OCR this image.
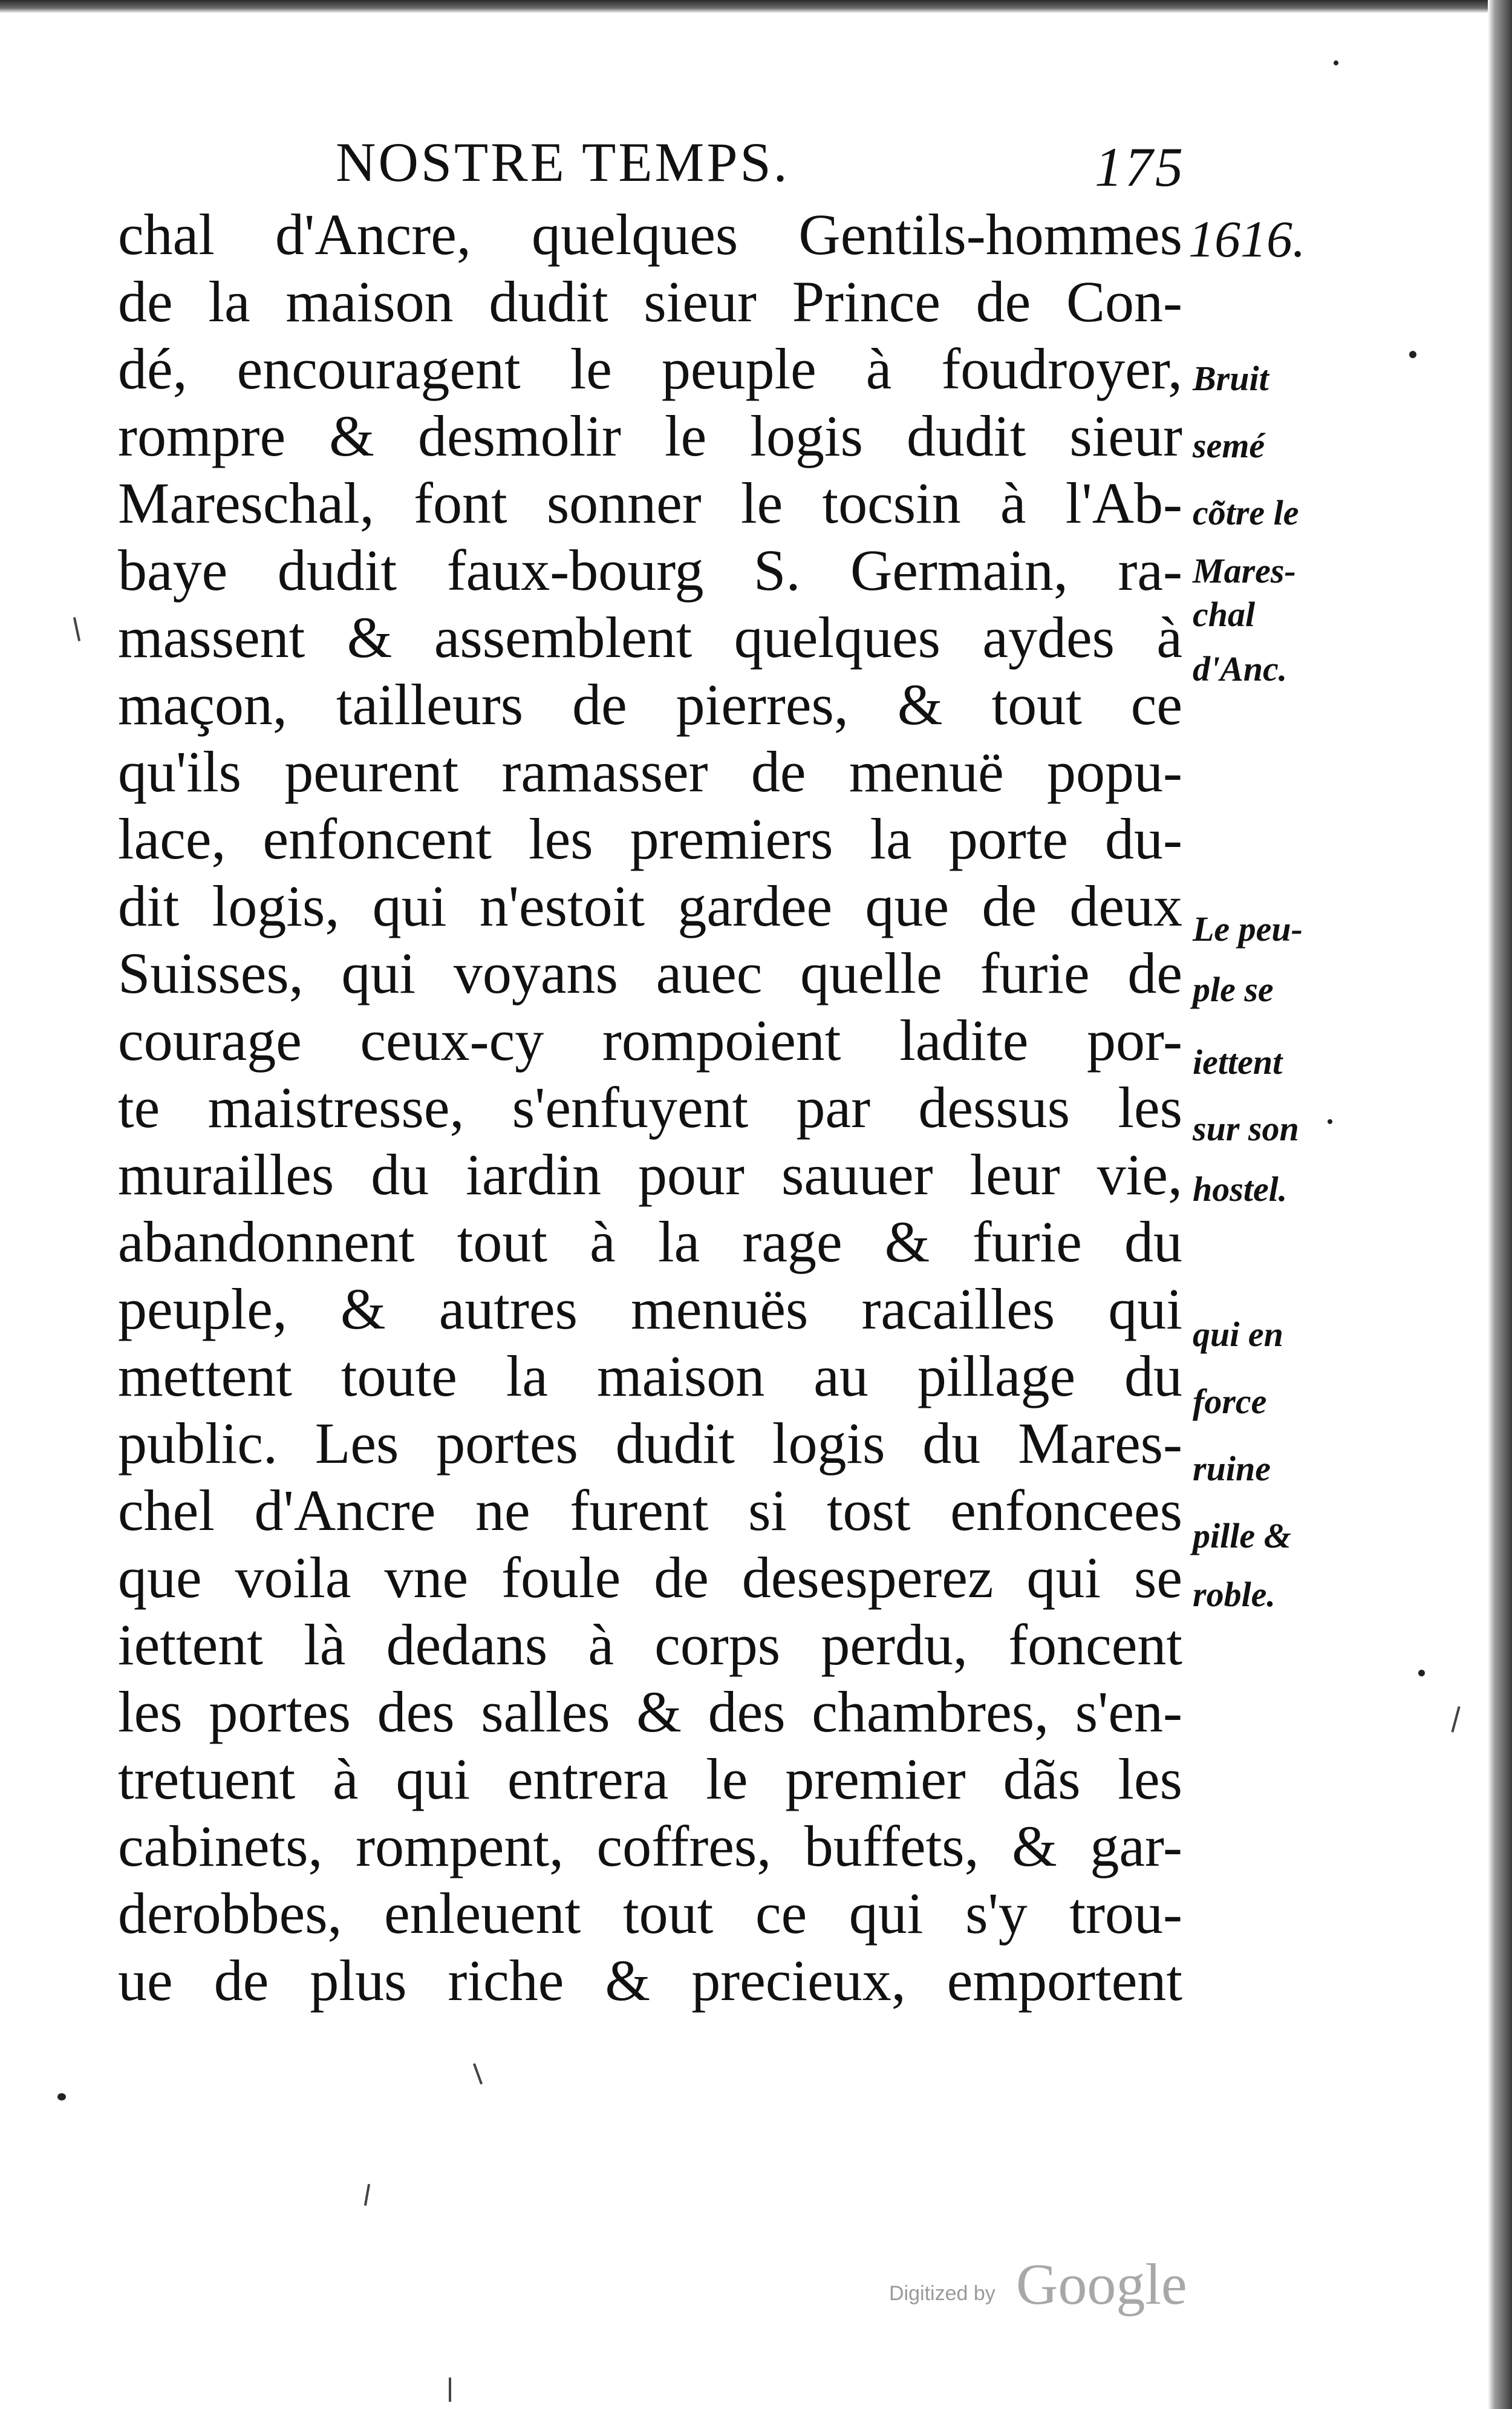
NOSTRE TEMPS.	175
1616.
chal d'Ancre, quelques Gentils-hommes
de la maison dudit sieur Prince de Con-
dé, encouragent le peuple à foudroyer,
rompre & desmolir le logis dudit sieur
Mareschal, font sonner le tocsin à l'Ab-
baye dudit faux-bourg S. Germain, ra-
massent & assemblent quelques aydes à
maçon, tailleurs de pierres, & tout ce
qu'ils peurent ramasser de menuë popu-
lace, enfoncent les premiers la porte du-
dit logis, qui n'estoit gardee que de deux
Suisses, qui voyans auec quelle furie de
courage ceux-cy rompoient ladite por-
te maistresse, s'enfuyent par dessus les
murailles du iardin pour sauuer leur vie,
abandonnent tout à la rage & furie du
peuple, & autres menuës racailles qui
mettent toute la maison au pillage du
public. Les portes dudit logis du Mares-
chel d'Ancre ne furent si tost enfoncees
que voila vne foule de desesperez qui se
iettent là dedans à corps perdu, foncent
les portes des salles & des chambres, s'en-
tretuent à qui entrera le premier dãs les
cabinets, rompent, coffres, buffets, & gar-
derobbes, enleuent tout ce qui s'y trou-
ue de plus riche & precieux, emportent
Bruit
semé
cõtre le
Mares-
chal
d'Anc.
Le peu-
ple se
iettent
sur son
hostel.
qui en
force
ruine
pille &
roble.
Digitized by Google
